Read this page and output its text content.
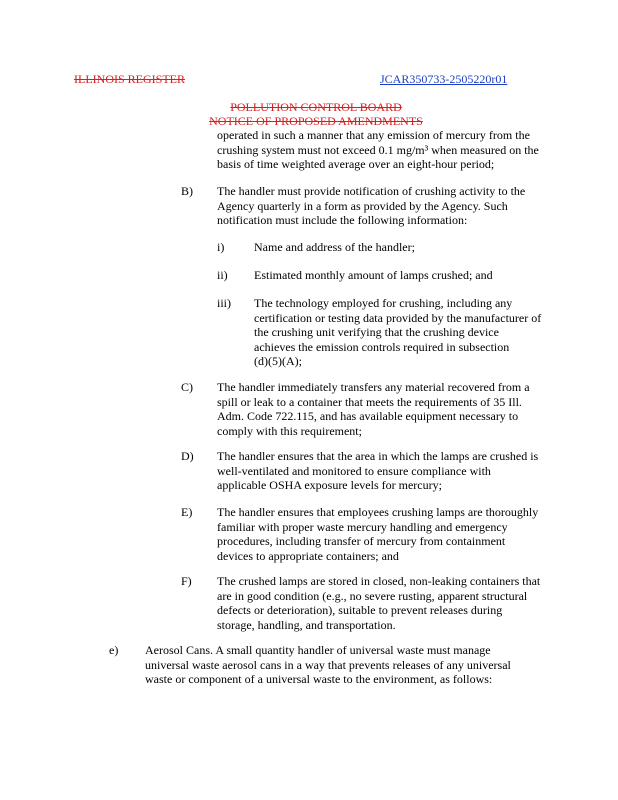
ILLINOIS REGISTER	JCAR350733-2505220r01
POLLUTION CONTROL BOARD
NOTICE OF PROPOSED AMENDMENTS
operated in such a manner that any emission of mercury from the
crushing system must not exceed 0.1 mg/m³ when measured on the
basis of time weighted average over an eight-hour period;
B) The handler must provide notification of crushing activity to the
Agency quarterly in a form as provided by the Agency. Such
notification must include the following information:
i) Name and address of the handler;
ii) Estimated monthly amount of lamps crushed; and
iii) The technology employed for crushing, including any
certification or testing data provided by the manufacturer of
the crushing unit verifying that the crushing device
achieves the emission controls required in subsection
(d)(5)(A);
C) The handler immediately transfers any material recovered from a
spill or leak to a container that meets the requirements of 35 Ill.
Adm. Code 722.115, and has available equipment necessary to
comply with this requirement;
D) The handler ensures that the area in which the lamps are crushed is
well-ventilated and monitored to ensure compliance with
applicable OSHA exposure levels for mercury;
E) The handler ensures that employees crushing lamps are thoroughly
familiar with proper waste mercury handling and emergency
procedures, including transfer of mercury from containment
devices to appropriate containers; and
F) The crushed lamps are stored in closed, non-leaking containers that
are in good condition (e.g., no severe rusting, apparent structural
defects or deterioration), suitable to prevent releases during
storage, handling, and transportation.
e) Aerosol Cans. A small quantity handler of universal waste must manage
universal waste aerosol cans in a way that prevents releases of any universal
waste or component of a universal waste to the environment, as follows:
